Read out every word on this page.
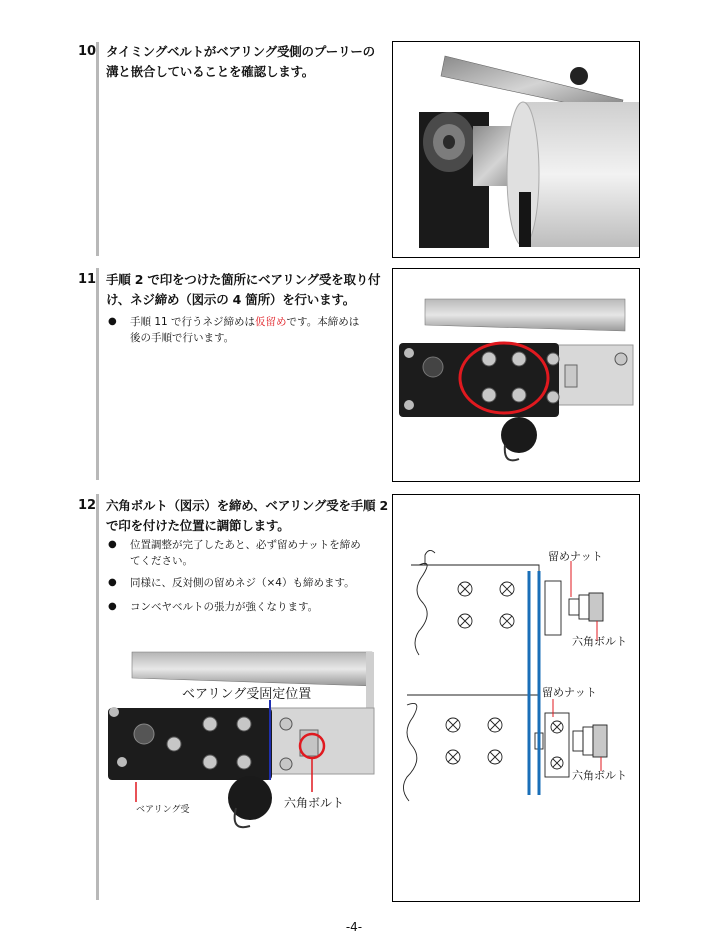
10 タイミングベルトがベアリング受側のプーリーの
溝と嵌合していることを確認します。
11 手順 2 で印をつけた箇所にベアリング受を取り付
け、ネジ締め（図示の 4 箇所）を行います。
● 手順 11 で行うネジ締めは仮留めです。本締めは
後の手順で行います。
12 六角ボルト（図示）を締め、ベアリング受を手順 2
で印を付けた位置に調節します。
● 位置調整が完了したあと、必ず留めナットを締め
てください。
● 同様に、反対側の留めネジ（×4）も締めます。
● コンベヤベルトの張力が強くなります。
ベアリング受固定位置
六角ボルト
ベアリング受
留めナット
六角ボルト
留めナット
六角ボルト
-4-
